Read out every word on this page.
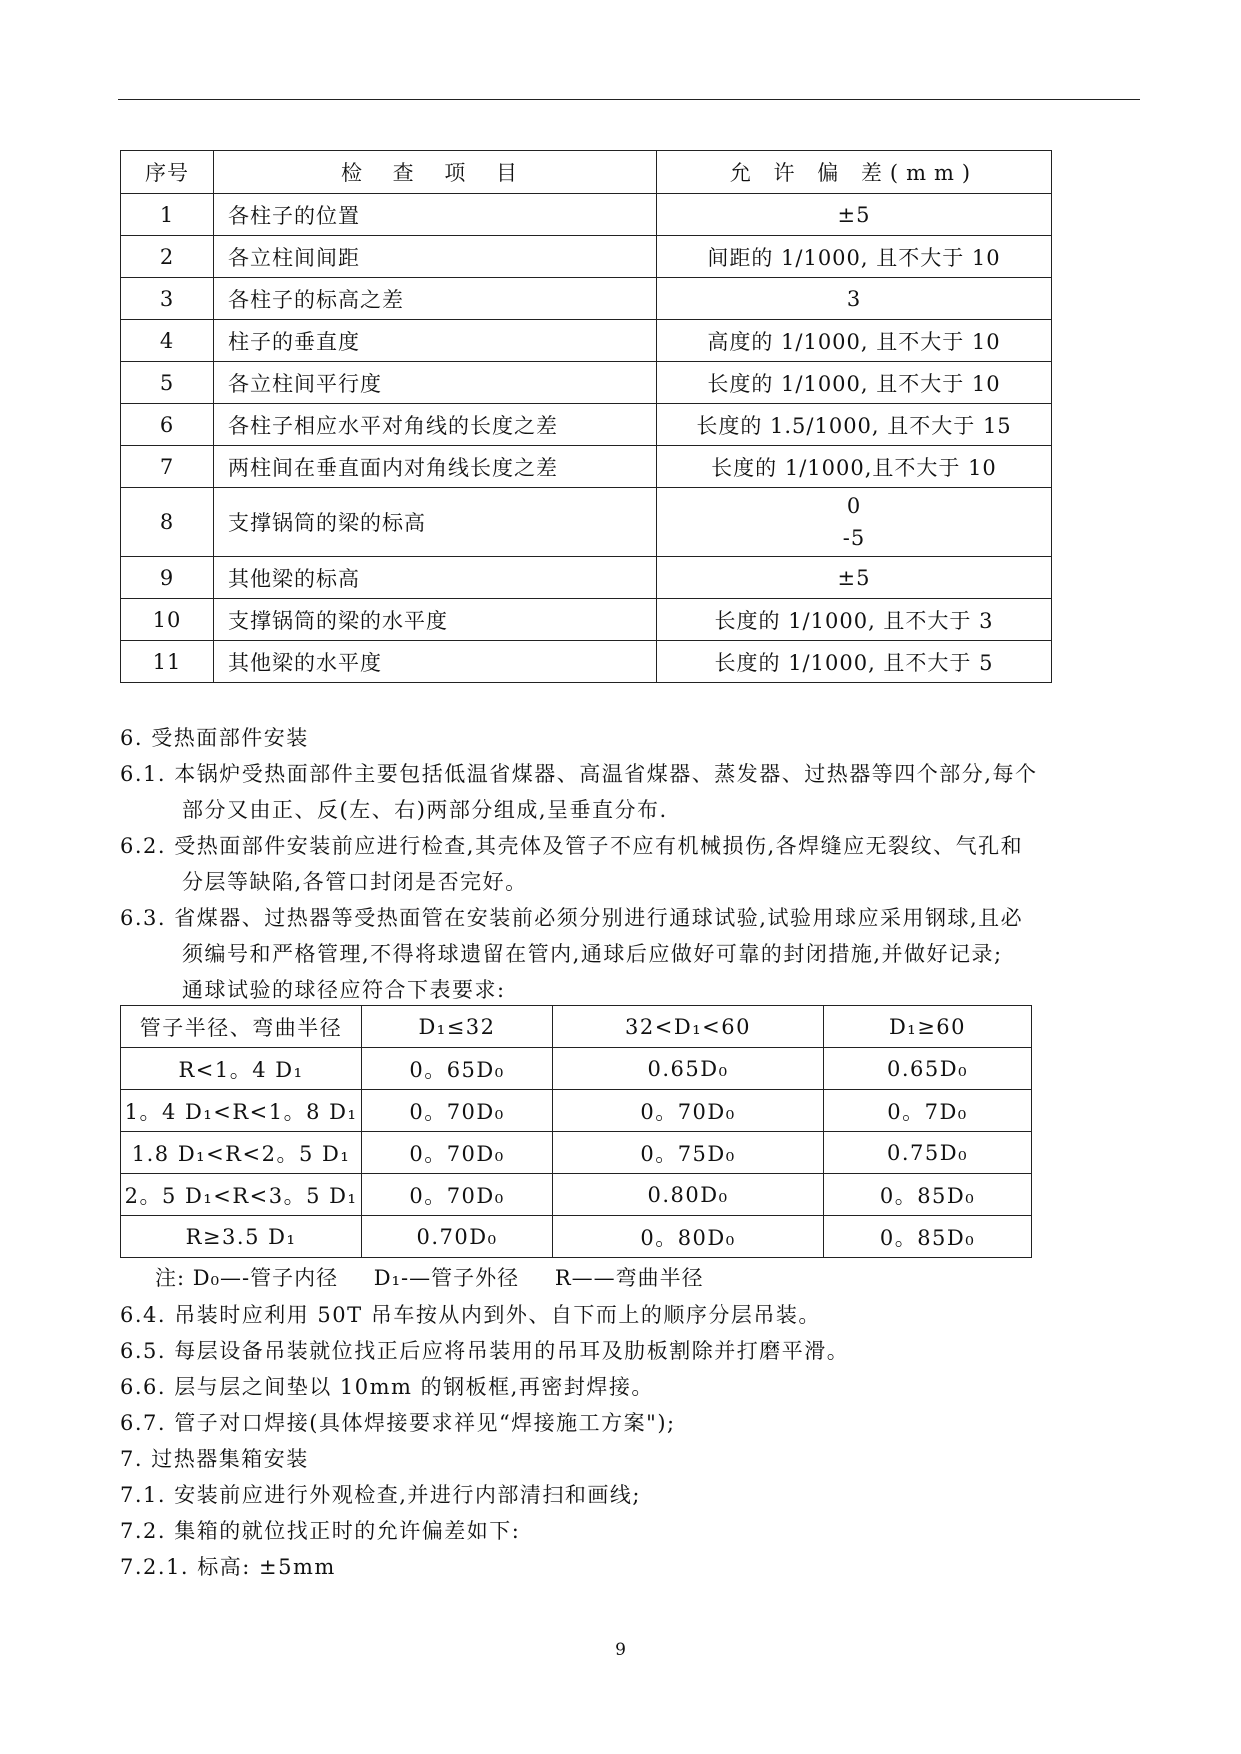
序号	检 查 项 目	允 许 偏 差(mm)
1	各柱子的位置	±5
2	各立柱间间距	间距的 1/1000, 且不大于 10
3	各柱子的标高之差	3
4	柱子的垂直度	高度的 1/1000, 且不大于 10
5	各立柱间平行度	长度的 1/1000, 且不大于 10
6	各柱子相应水平对角线的长度之差	长度的 1.5/1000, 且不大于 15
7	两柱间在垂直面内对角线长度之差	长度的 1/1000,且不大于 10
8	支撑锅筒的梁的标高	0
-5

9	其他梁的标高	±5
10	支撑锅筒的梁的水平度	长度的 1/1000, 且不大于 3
11	其他梁的水平度	长度的 1/1000, 且不大于 5
6. 受热面部件安装
6.1. 本锅炉受热面部件主要包括低温省煤器、高温省煤器、蒸发器、过热器等四个部分,每个
部分又由正、反(左、右)两部分组成,呈垂直分布.
6.2. 受热面部件安装前应进行检查,其壳体及管子不应有机械损伤,各焊缝应无裂纹、气孔和
分层等缺陷,各管口封闭是否完好。
6.3. 省煤器、过热器等受热面管在安装前必须分别进行通球试验,试验用球应采用钢球,且必
须编号和严格管理,不得将球遗留在管内,通球后应做好可靠的封闭措施,并做好记录;
通球试验的球径应符合下表要求:
管子半径、弯曲半径	D₁≤32	32<D₁<60	D₁≥60
R<1。4 D₁	0。65D₀	0.65D₀	0.65D₀
1。4 D₁<R<1。8 D₁	0。70D₀	0。70D₀	0。7D₀
1.8 D₁<R<2。5 D₁	0。70D₀	0。75D₀	0.75D₀
2。5 D₁<R<3。5 D₁	0。70D₀	0.80D₀	0。85D₀
R≥3.5 D₁	0.70D₀	0。80D₀	0。85D₀
注: D₀—-管子内径 D₁-—管子外径 R——弯曲半径
6.4. 吊装时应利用 50T 吊车按从内到外、自下而上的顺序分层吊装。
6.5. 每层设备吊装就位找正后应将吊装用的吊耳及肋板割除并打磨平滑。
6.6. 层与层之间垫以 10mm 的钢板框,再密封焊接。
6.7. 管子对口焊接(具体焊接要求祥见“焊接施工方案");
7. 过热器集箱安装
7.1. 安装前应进行外观检查,并进行内部清扫和画线;
7.2. 集箱的就位找正时的允许偏差如下:
7.2.1. 标高: ±5mm
9
